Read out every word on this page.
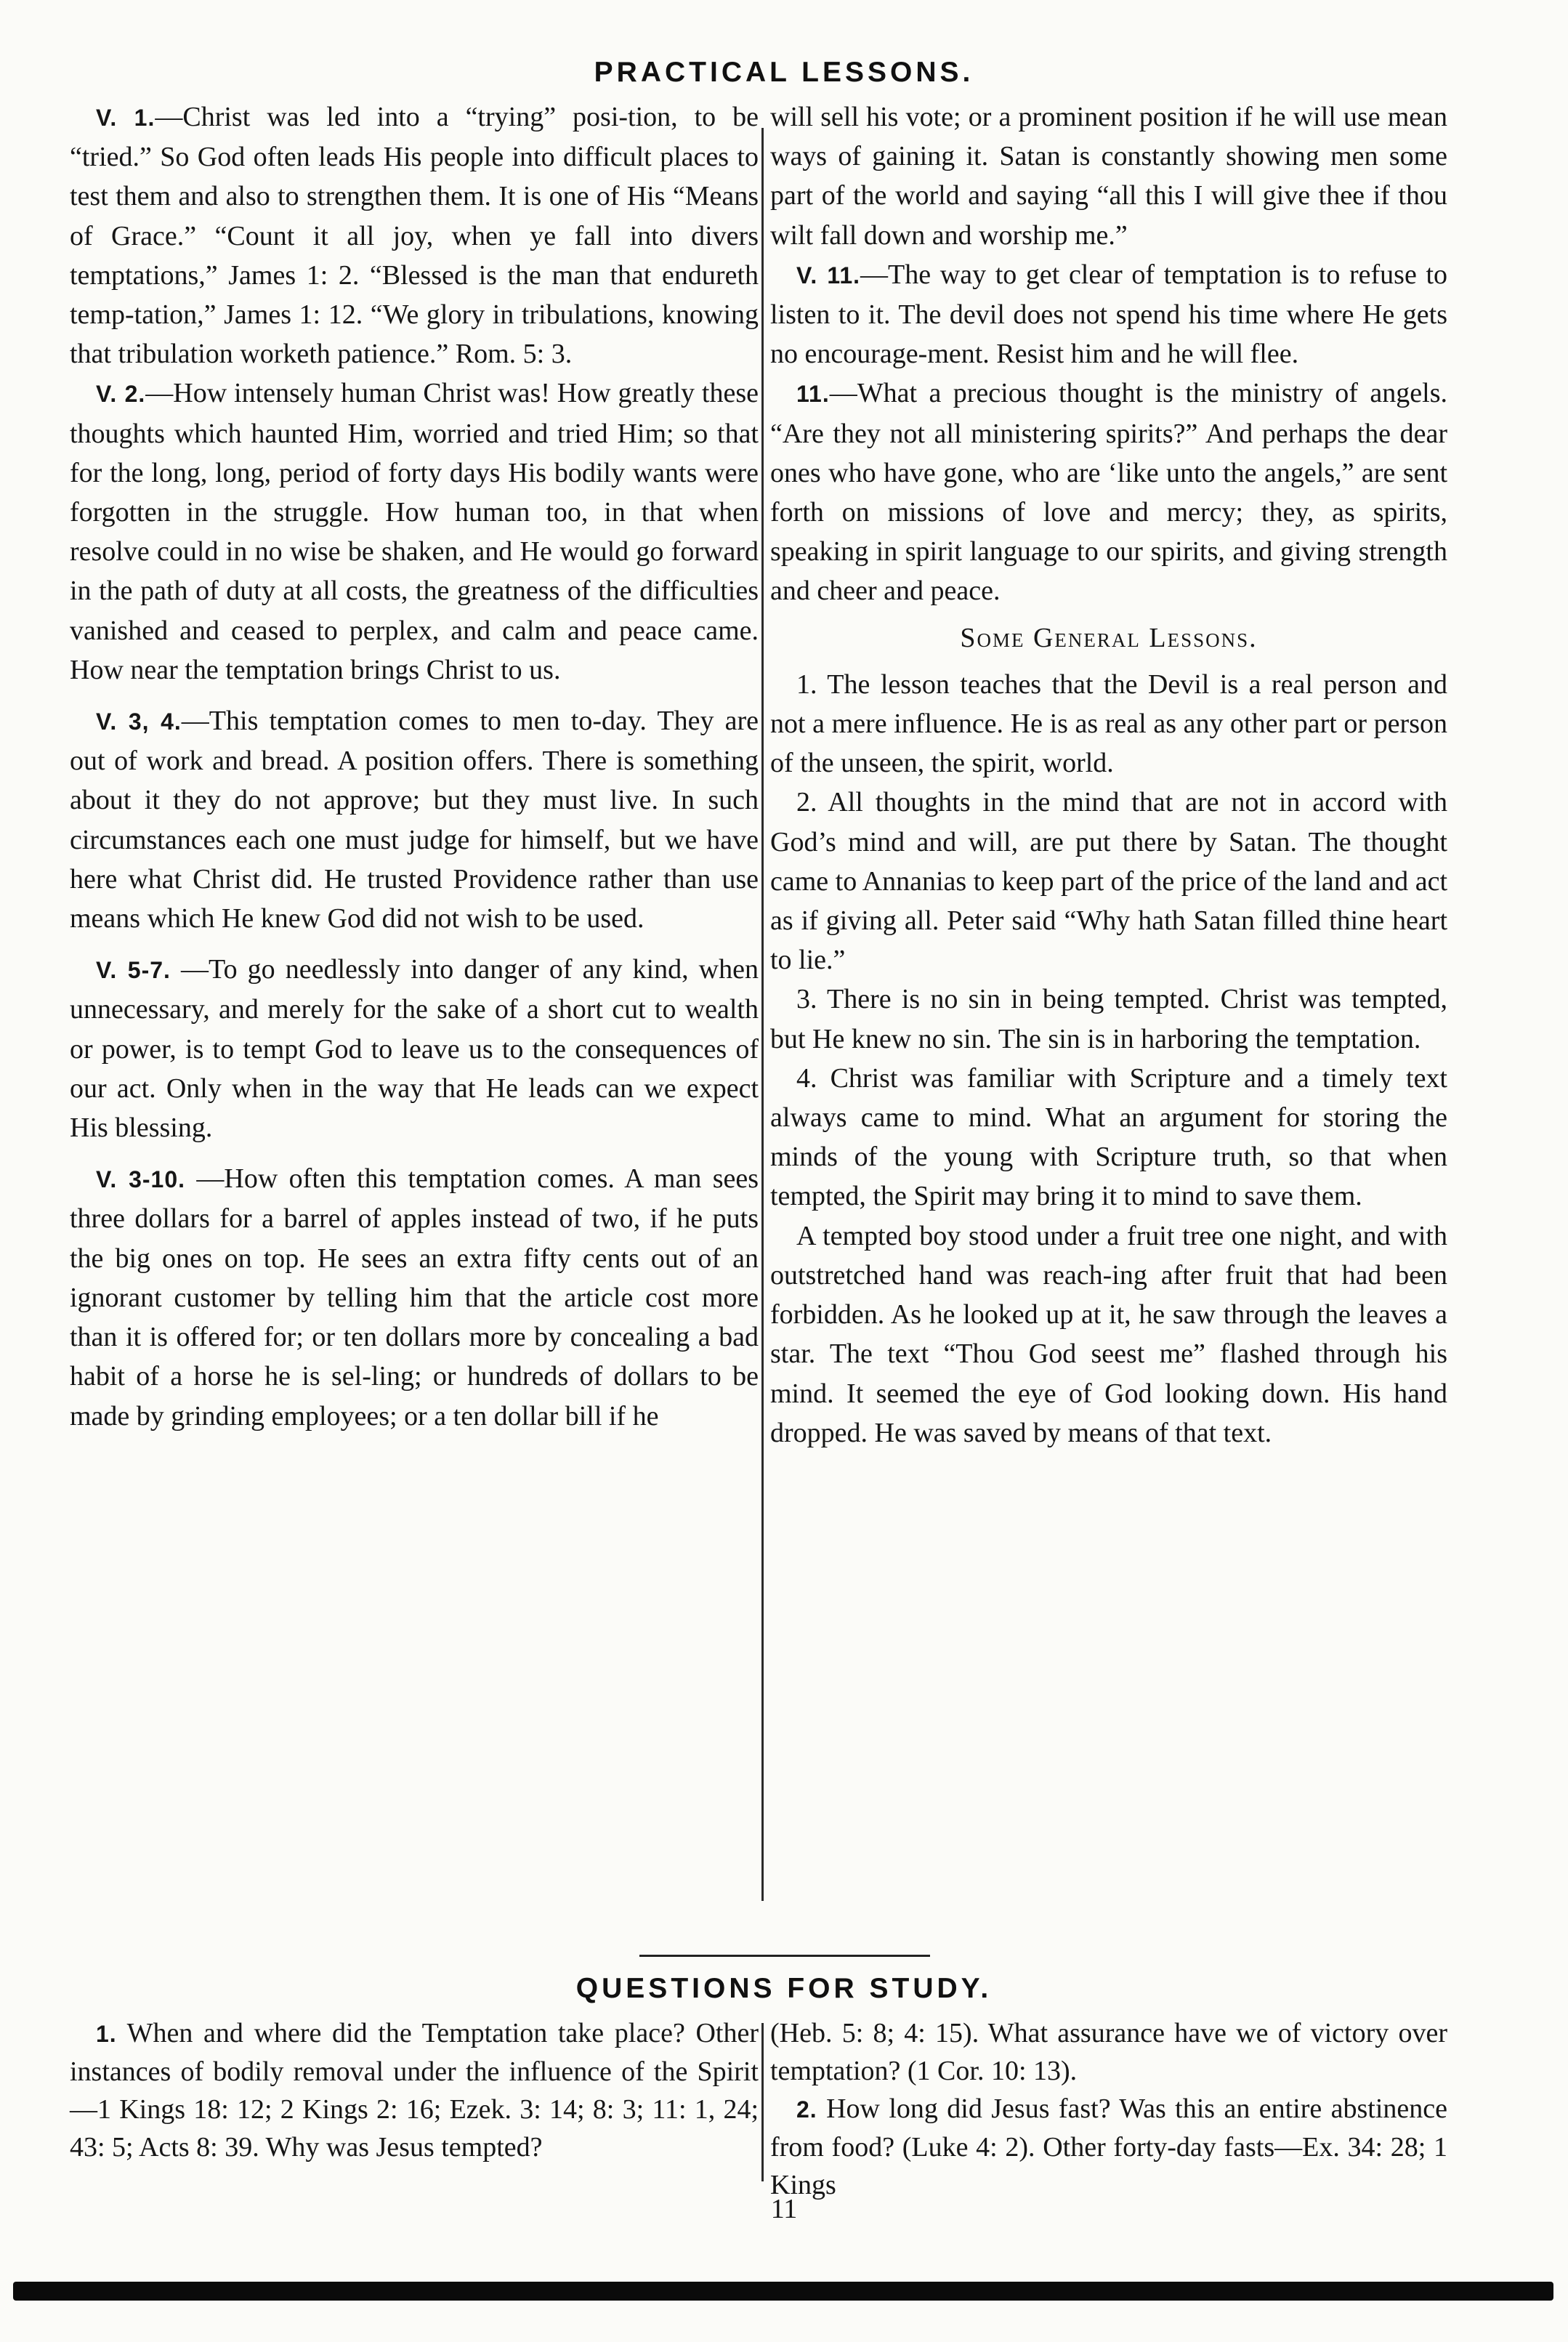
PRACTICAL LESSONS.

V. 1.—Christ was led into a “trying” posi-tion, to be “tried.” So God often leads His people into difficult places to test them and also to strengthen them. It is one of His “Means of Grace.” “Count it all joy, when ye fall into divers temptations,” James 1: 2. “Blessed is the man that endureth temp-tation,” James 1: 12. “We glory in tribulations, knowing that tribulation worketh patience.” Rom. 5: 3.

V. 2.—How intensely human Christ was! How greatly these thoughts which haunted Him, worried and tried Him; so that for the long, long, period of forty days His bodily wants were forgotten in the struggle. How human too, in that when resolve could in no wise be shaken, and He would go forward in the path of duty at all costs, the greatness of the difficulties vanished and ceased to perplex, and calm and peace came. How near the temptation brings Christ to us.

V. 3, 4.—This temptation comes to men to-day. They are out of work and bread. A position offers. There is something about it they do not approve; but they must live. In such circumstances each one must judge for himself, but we have here what Christ did. He trusted Providence rather than use means which He knew God did not wish to be used.

V. 5-7. —To go needlessly into danger of any kind, when unnecessary, and merely for the sake of a short cut to wealth or power, is to tempt God to leave us to the consequences of our act. Only when in the way that He leads can we expect His blessing.

V. 3-10. —How often this temptation comes. A man sees three dollars for a barrel of apples instead of two, if he puts the big ones on top. He sees an extra fifty cents out of an ignorant customer by telling him that the article cost more than it is offered for; or ten dollars more by concealing a bad habit of a horse he is sel-ling; or hundreds of dollars to be made by grinding employees; or a ten dollar bill if he

will sell his vote; or a prominent position if he will use mean ways of gaining it. Satan is constantly showing men some part of the world and saying “all this I will give thee if thou wilt fall down and worship me.”

V. 11.—The way to get clear of temptation is to refuse to listen to it. The devil does not spend his time where He gets no encourage-ment. Resist him and he will flee.

11.—What a precious thought is the ministry of angels. “Are they not all ministering spirits?” And perhaps the dear ones who have gone, who are ‘like unto the angels,” are sent forth on missions of love and mercy; they, as spirits, speaking in spirit language to our spirits, and giving strength and cheer and peace.

Some General Lessons.

1. The lesson teaches that the Devil is a real person and not a mere influence. He is as real as any other part or person of the unseen, the spirit, world.

2. All thoughts in the mind that are not in accord with God’s mind and will, are put there by Satan. The thought came to Annanias to keep part of the price of the land and act as if giving all. Peter said “Why hath Satan filled thine heart to lie.”

3. There is no sin in being tempted. Christ was tempted, but He knew no sin. The sin is in harboring the temptation.

4. Christ was familiar with Scripture and a timely text always came to mind. What an argument for storing the minds of the young with Scripture truth, so that when tempted, the Spirit may bring it to mind to save them.

A tempted boy stood under a fruit tree one night, and with outstretched hand was reach-ing after fruit that had been forbidden. As he looked up at it, he saw through the leaves a star. The text “Thou God seest me” flashed through his mind. It seemed the eye of God looking down. His hand dropped. He was saved by means of that text.

QUESTIONS FOR STUDY.

1. When and where did the Temptation take place? Other instances of bodily removal under the influence of the Spirit—1 Kings 18: 12; 2 Kings 2: 16; Ezek. 3: 14; 8: 3; 11: 1, 24; 43: 5; Acts 8: 39. Why was Jesus tempted?

(Heb. 5: 8; 4: 15). What assurance have we of victory over temptation? (1 Cor. 10: 13).

2. How long did Jesus fast? Was this an entire abstinence from food? (Luke 4: 2). Other forty-day fasts—Ex. 34: 28; 1 Kings

11
